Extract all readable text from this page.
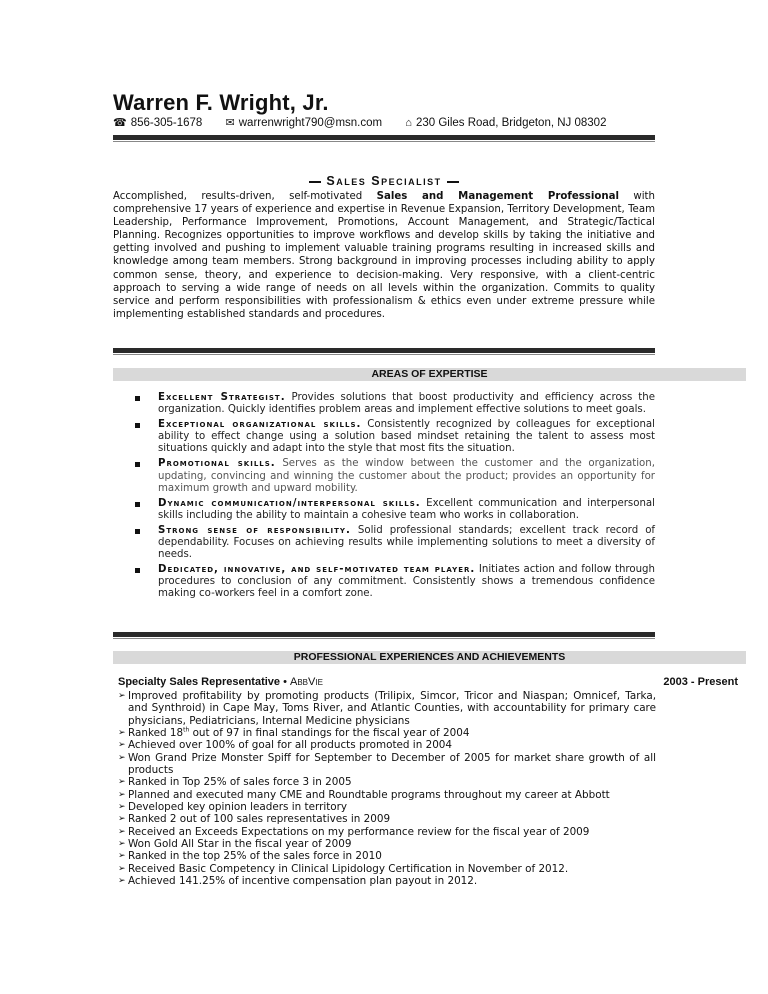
Warren F. Wright, Jr.
☎ 856-305-1678 ✉ warrenwright790@msn.com ⌂ 230 Giles Road, Bridgeton, NJ 08302
Sales Specialist
Accomplished, results-driven, self-motivated Sales and Management Professional with comprehensive 17 years of experience and expertise in Revenue Expansion, Territory Development, Team Leadership, Performance Improvement, Promotions, Account Management, and Strategic/Tactical Planning. Recognizes opportunities to improve workflows and develop skills by taking the initiative and getting involved and pushing to implement valuable training programs resulting in increased skills and knowledge among team members. Strong background in improving processes including ability to apply common sense, theory, and experience to decision-making. Very responsive, with a client-centric approach to serving a wide range of needs on all levels within the organization. Commits to quality service and perform responsibilities with professionalism & ethics even under extreme pressure while implementing established standards and procedures.
AREAS OF EXPERTISE
Excellent Strategist. Provides solutions that boost productivity and efficiency across the organization. Quickly identifies problem areas and implement effective solutions to meet goals.
Exceptional organizational skills. Consistently recognized by colleagues for exceptional ability to effect change using a solution based mindset retaining the talent to assess most situations quickly and adapt into the style that most fits the situation.
Promotional skills. Serves as the window between the customer and the organization, updating, convincing and winning the customer about the product; provides an opportunity for maximum growth and upward mobility.
Dynamic communication/interpersonal skills. Excellent communication and interpersonal skills including the ability to maintain a cohesive team who works in collaboration.
Strong sense of responsibility. Solid professional standards; excellent track record of dependability. Focuses on achieving results while implementing solutions to meet a diversity of needs.
Dedicated, innovative, and self-motivated team player. Initiates action and follow through procedures to conclusion of any commitment. Consistently shows a tremendous confidence making co-workers feel in a comfort zone.
PROFESSIONAL EXPERIENCES AND ACHIEVEMENTS
Specialty Sales Representative • AbbVie	2003 - Present
➢ Improved profitability by promoting products (Trilipix, Simcor, Tricor and Niaspan; Omnicef, Tarka, and Synthroid) in Cape May, Toms River, and Atlantic Counties, with accountability for primary care physicians, Pediatricians, Internal Medicine physicians
➢ Ranked 18th out of 97 in final standings for the fiscal year of 2004
➢ Achieved over 100% of goal for all products promoted in 2004
➢ Won Grand Prize Monster Spiff for September to December of 2005 for market share growth of all products
➢ Ranked in Top 25% of sales force 3 in 2005
➢ Planned and executed many CME and Roundtable programs throughout my career at Abbott
➢ Developed key opinion leaders in territory
➢ Ranked 2 out of 100 sales representatives in 2009
➢ Received an Exceeds Expectations on my performance review for the fiscal year of 2009
➢ Won Gold All Star in the fiscal year of 2009
➢ Ranked in the top 25% of the sales force in 2010
➢ Received Basic Competency in Clinical Lipidology Certification in November of 2012.
➢ Achieved 141.25% of incentive compensation plan payout in 2012.
